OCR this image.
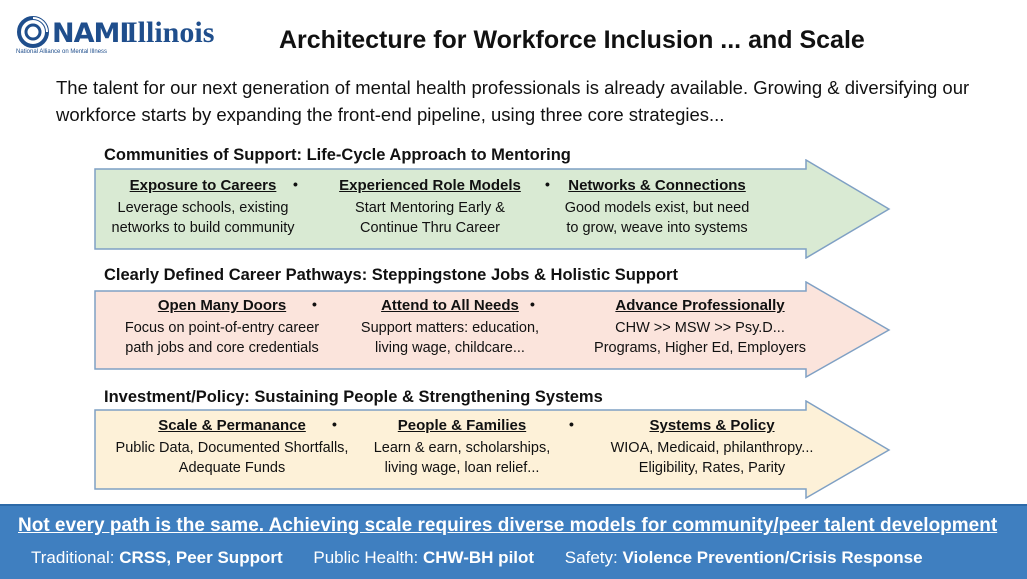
NAMI
Illinois
National Alliance on Mental Illness	Architecture for Workforce Inclusion ... and Scale
The talent for our next generation of mental health professionals is already available. Growing & diversifying our workforce starts by expanding the front-end pipeline, using three core strategies...
Communities of Support: Life-Cycle Approach to Mentoring
Exposure to Careers
Leverage schools, existing
networks to build community
•	Experienced Role Models
Start Mentoring Early &
Continue Thru Career
•	Networks & Connections
Good models exist, but need
to grow, weave into systems
Clearly Defined Career Pathways: Steppingstone Jobs & Holistic Support
Open Many Doors
Focus on point-of-entry career
path jobs and core credentials
•	Attend to All Needs
Support matters: education,
living wage, childcare...
•	Advance Professionally
CHW >> MSW >> Psy.D...
Programs, Higher Ed, Employers
Investment/Policy: Sustaining People & Strengthening Systems
Scale & Permanance
Public Data, Documented Shortfalls,
Adequate Funds
•	People & Families
Learn & earn, scholarships,
living wage, loan relief...
•	Systems & Policy
WIOA, Medicaid, philanthropy...
Eligibility, Rates, Parity
Not every path is the same. Achieving scale requires diverse models for community/peer talent development
Traditional: CRSS, Peer Support Public Health: CHW-BH pilot Safety: Violence Prevention/Crisis Response
